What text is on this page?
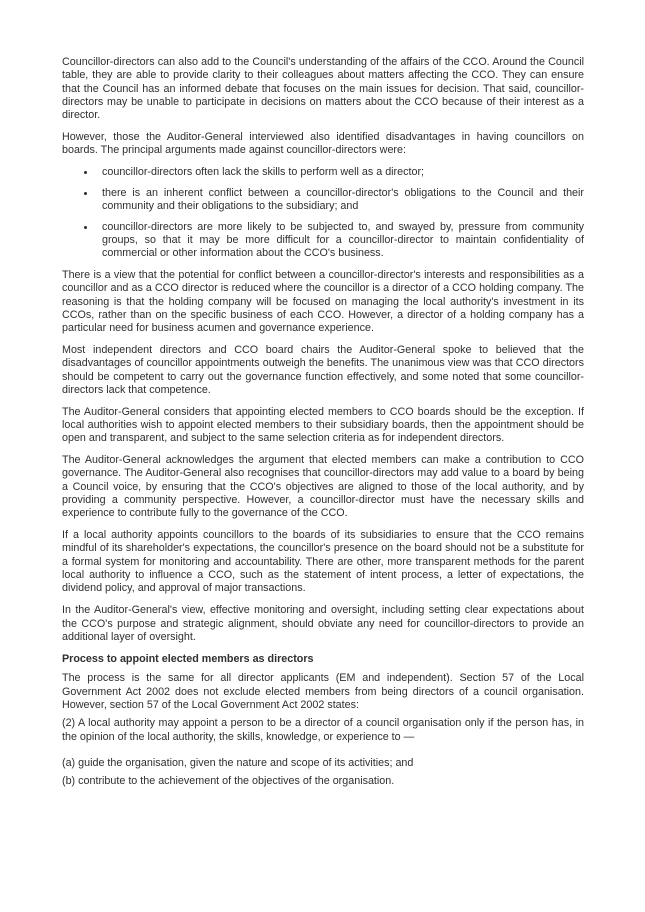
Councillor-directors can also add to the Council's understanding of the affairs of the CCO. Around the Council table, they are able to provide clarity to their colleagues about matters affecting the CCO. They can ensure that the Council has an informed debate that focuses on the main issues for decision. That said, councillor-directors may be unable to participate in decisions on matters about the CCO because of their interest as a director.

However, those the Auditor-General interviewed also identified disadvantages in having councillors on boards. The principal arguments made against councillor-directors were:

councillor-directors often lack the skills to perform well as a director;
there is an inherent conflict between a councillor-director's obligations to the Council and their community and their obligations to the subsidiary; and
councillor-directors are more likely to be subjected to, and swayed by, pressure from community groups, so that it may be more difficult for a councillor-director to maintain confidentiality of commercial or other information about the CCO's business.

There is a view that the potential for conflict between a councillor-director's interests and responsibilities as a councillor and as a CCO director is reduced where the councillor is a director of a CCO holding company. The reasoning is that the holding company will be focused on managing the local authority's investment in its CCOs, rather than on the specific business of each CCO. However, a director of a holding company has a particular need for business acumen and governance experience.

Most independent directors and CCO board chairs the Auditor-General spoke to believed that the disadvantages of councillor appointments outweigh the benefits. The unanimous view was that CCO directors should be competent to carry out the governance function effectively, and some noted that some councillor-directors lack that competence.

The Auditor-General considers that appointing elected members to CCO boards should be the exception. If local authorities wish to appoint elected members to their subsidiary boards, then the appointment should be open and transparent, and subject to the same selection criteria as for independent directors.

The Auditor-General acknowledges the argument that elected members can make a contribution to CCO governance. The Auditor-General also recognises that councillor-directors may add value to a board by being a Council voice, by ensuring that the CCO's objectives are aligned to those of the local authority, and by providing a community perspective. However, a councillor-director must have the necessary skills and experience to contribute fully to the governance of the CCO.

If a local authority appoints councillors to the boards of its subsidiaries to ensure that the CCO remains mindful of its shareholder's expectations, the councillor's presence on the board should not be a substitute for a formal system for monitoring and accountability. There are other, more transparent methods for the parent local authority to influence a CCO, such as the statement of intent process, a letter of expectations, the dividend policy, and approval of major transactions.

In the Auditor-General's view, effective monitoring and oversight, including setting clear expectations about the CCO's purpose and strategic alignment, should obviate any need for councillor-directors to provide an additional layer of oversight.

Process to appoint elected members as directors

The process is the same for all director applicants (EM and independent). Section 57 of the Local Government Act 2002 does not exclude elected members from being directors of a council organisation. However, section 57 of the Local Government Act 2002 states:

(2) A local authority may appoint a person to be a director of a council organisation only if the person has, in the opinion of the local authority, the skills, knowledge, or experience to —

(a) guide the organisation, given the nature and scope of its activities; and

(b) contribute to the achievement of the objectives of the organisation.
